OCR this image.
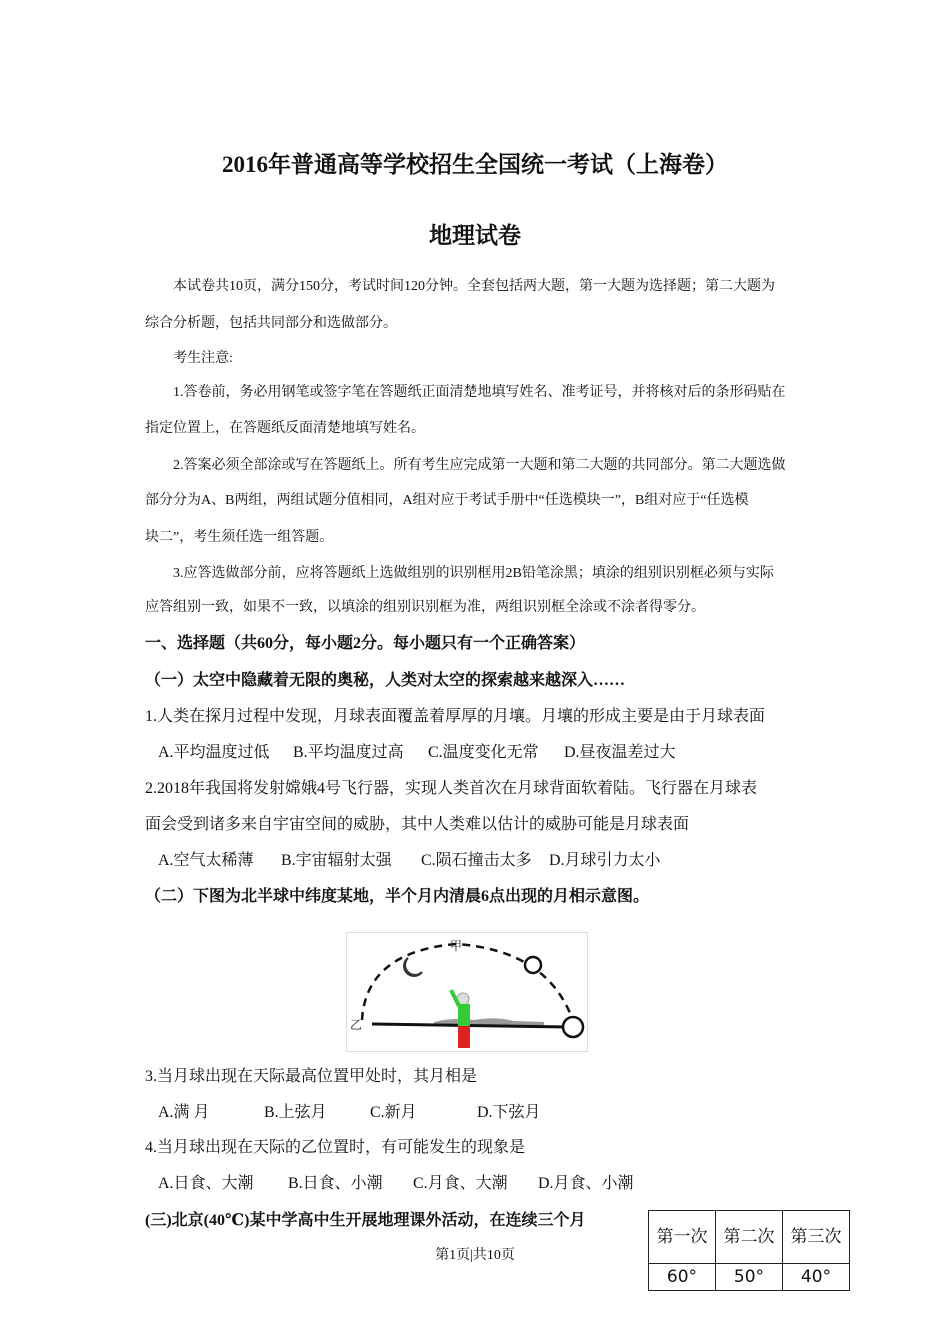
2016年普通高等学校招生全国统一考试（上海卷）
地理试卷
本试卷共10页，满分150分，考试时间120分钟。全套包括两大题，第一大题为选择题；第二大题为
综合分析题，包括共同部分和选做部分。
考生注意:
1.答卷前，务必用钢笔或签字笔在答题纸正面清楚地填写姓名、准考证号，并将核对后的条形码贴在
指定位置上，在答题纸反面清楚地填写姓名。
2.答案必须全部涂或写在答题纸上。所有考生应完成第一大题和第二大题的共同部分。第二大题选做
部分分为A、B两组，两组试题分值相同，A组对应于考试手册中“任选模块一”，B组对应于“任选模
块二”，考生须任选一组答题。
3.应答选做部分前，应将答题纸上选做组别的识别框用2B铅笔涂黑；填涂的组别识别框必须与实际
应答组别一致，如果不一致，以填涂的组别识别框为准，两组识别框全涂或不涂者得零分。
一、选择题（共60分，每小题2分。每小题只有一个正确答案）
（一）太空中隐藏着无限的奥秘，人类对太空的探索越来越深入……
1.人类在探月过程中发现，月球表面覆盖着厚厚的月壤。月壤的形成主要是由于月球表面
A.平均温度过低 B.平均温度过高 C.温度变化无常 D.昼夜温差过大
2.2018年我国将发射嫦娥4号飞行器，实现人类首次在月球背面软着陆。飞行器在月球表
面会受到诸多来自宇宙空间的威胁，其中人类难以估计的威胁可能是月球表面
A.空气太稀薄 B.宇宙辐射太强 C.陨石撞击太多 D.月球引力太小
（二）下图为北半球中纬度某地，半个月内清晨6点出现的月相示意图。
甲
乙
3.当月球出现在天际最高位置甲处时，其月相是
A.满 月	B.上弦月	C.新月	D.下弦月
4.当月球出现在天际的乙位置时，有可能发生的现象是
A.日食、大潮 B.日食、小潮 C.月食、大潮 D.月食、小潮
(三)北京(40℃)某中学高中生开展地理课外活动，在连续三个月
第一次	第二次	第三次
60°	50°	40°
第1页|共10页
